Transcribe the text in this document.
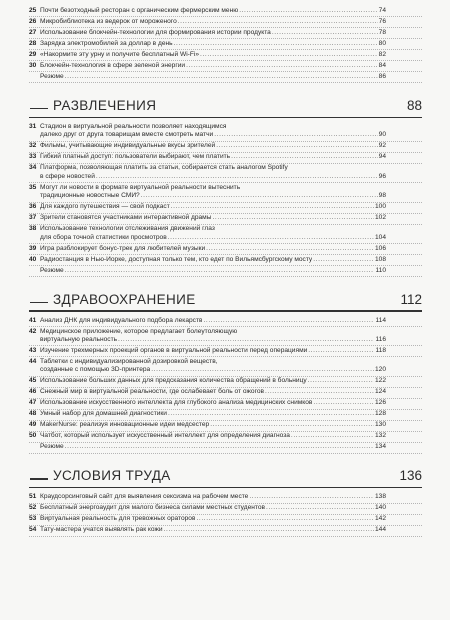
25 Почти безотходный ресторан с органическим фермерским меню .....	74
26 Микробиблиотека из ведерок от мороженого .....	76
27 Использование блокчейн-технологии для формирования истории продукта .....	78
28 Зарядка электромобилей за доллар в день .....	80
29 «Накормите эту урну и получите бесплатный Wi-Fi» .....	82
30 Блокчейн-технология в сфере зеленой энергии .....	84
Резюме .....	86
РАЗВЛЕЧЕНИЯ	88
31 Стадион в виртуальной реальности позволяет находящимся
далеко друг от друга товарищам вместе смотреть матчи .....	90
32 Фильмы, учитывающие индивидуальные вкусы зрителей .....	92
33 Гибкий платный доступ: пользователи выбирают, чем платить .....	94
34 Платформа, позволяющая платить за статьи, собирается стать аналогом Spotify
в сфере новостей .....	96
35 Могут ли новости в формате виртуальной реальности вытеснить
традиционные новостные СМИ? .....	98
36 Для каждого путешествия — свой подкаст .....	100
37 Зрители становятся участниками интерактивной драмы .....	102
38 Использование технологии отслеживания движений глаз
для сбора точной статистики просмотров .....	104
39 Игра разблокирует бонус-трек для любителей музыки .....	106
40 Радиостанция в Нью-Йорке, доступная только тем, кто едет по Вильямсбургскому мосту .....	108
Резюме .....	110
ЗДРАВООХРАНЕНИЕ	112
41 Анализ ДНК для индивидуального подбора лекарств .....	114
42 Медицинское приложение, которое предлагает болеутоляющую
виртуальную реальность .....	116
43 Изучение трехмерных проекций органов в виртуальной реальности перед операциями .....	118
44 Таблетки с индивидуализированной дозировкой веществ,
созданные с помощью 3D-принтера .....	120
45 Использование больших данных для предсказания количества обращений в больницу .....	122
46 Снежный мир в виртуальной реальности, где ослабевает боль от ожогов .....	124
47 Использование искусственного интеллекта для глубокого анализа медицинских снимков .....	126
48 Умный набор для домашней диагностики .....	128
49 MakerNurse: реализуя инновационные идеи медсестер .....	130
50 Чатбот, который использует искусственный интеллект для определения диагноза .....	132
Резюме .....	134
УСЛОВИЯ ТРУДА	136
51 Краудсорсинговый сайт для выявления сексизма на рабочем месте .....	138
52 Бесплатный энергоаудит для малого бизнеса силами местных студентов .....	140
53 Виртуальная реальность для тревожных ораторов .....	142
54 Тату-мастера учатся выявлять рак кожи .....	144
